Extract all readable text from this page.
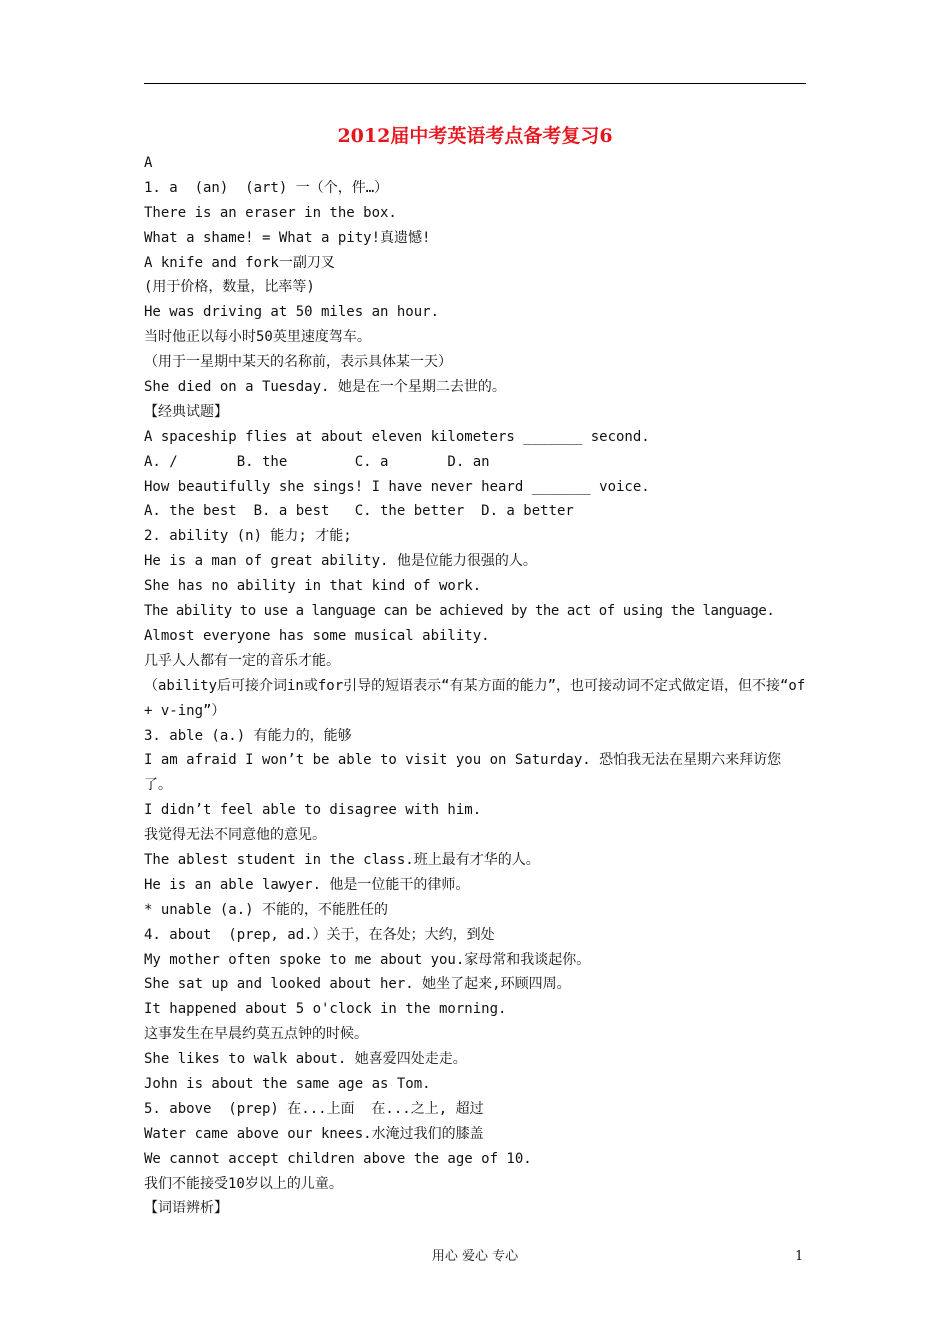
2012届中考英语考点备考复习6
A
1. a  (an)  (art) 一（个，件…）
There is an eraser in the box.
What a shame! = What a pity!真遗憾!
A knife and fork一副刀叉
(用于价格，数量，比率等)
He was driving at 50 miles an hour.
当时他正以每小时50英里速度驾车。
（用于一星期中某天的名称前，表示具体某一天）
She died on a Tuesday. 她是在一个星期二去世的。
【经典试题】
A spaceship flies at about eleven kilometers _______ second.
A. /       B. the        C. a       D. an
How beautifully she sings! I have never heard _______ voice.
A. the best  B. a best   C. the better  D. a better
2. ability (n) 能力; 才能;
He is a man of great ability. 他是位能力很强的人。
She has no ability in that kind of work.
The ability to use a language can be achieved by the act of using the language.
Almost everyone has some musical ability.
几乎人人都有一定的音乐才能。
（ability后可接介词in或for引导的短语表示“有某方面的能力”，也可接动词不定式做定语，但不接“of + v-ing”）
3. able (a.) 有能力的，能够
I am afraid I won’t be able to visit you on Saturday. 恐怕我无法在星期六来拜访您了。
I didn’t feel able to disagree with him.
我觉得无法不同意他的意见。
The ablest student in the class.班上最有才华的人。
He is an able lawyer. 他是一位能干的律师。
* unable (a.) 不能的，不能胜任的
4. about  (prep, ad.）关于，在各处；大约，到处
My mother often spoke to me about you.家母常和我谈起你。
She sat up and looked about her. 她坐了起来,环顾四周。
It happened about 5 o'clock in the morning.
这事发生在早晨约莫五点钟的时候。
She likes to walk about. 她喜爱四处走走。
John is about the same age as Tom.
5. above  (prep) 在...上面  在...之上, 超过
Water came above our knees.水淹过我们的膝盖
We cannot accept children above the age of 10.
我们不能接受10岁以上的儿童。
【词语辨析】
用心 爱心 专心	1
